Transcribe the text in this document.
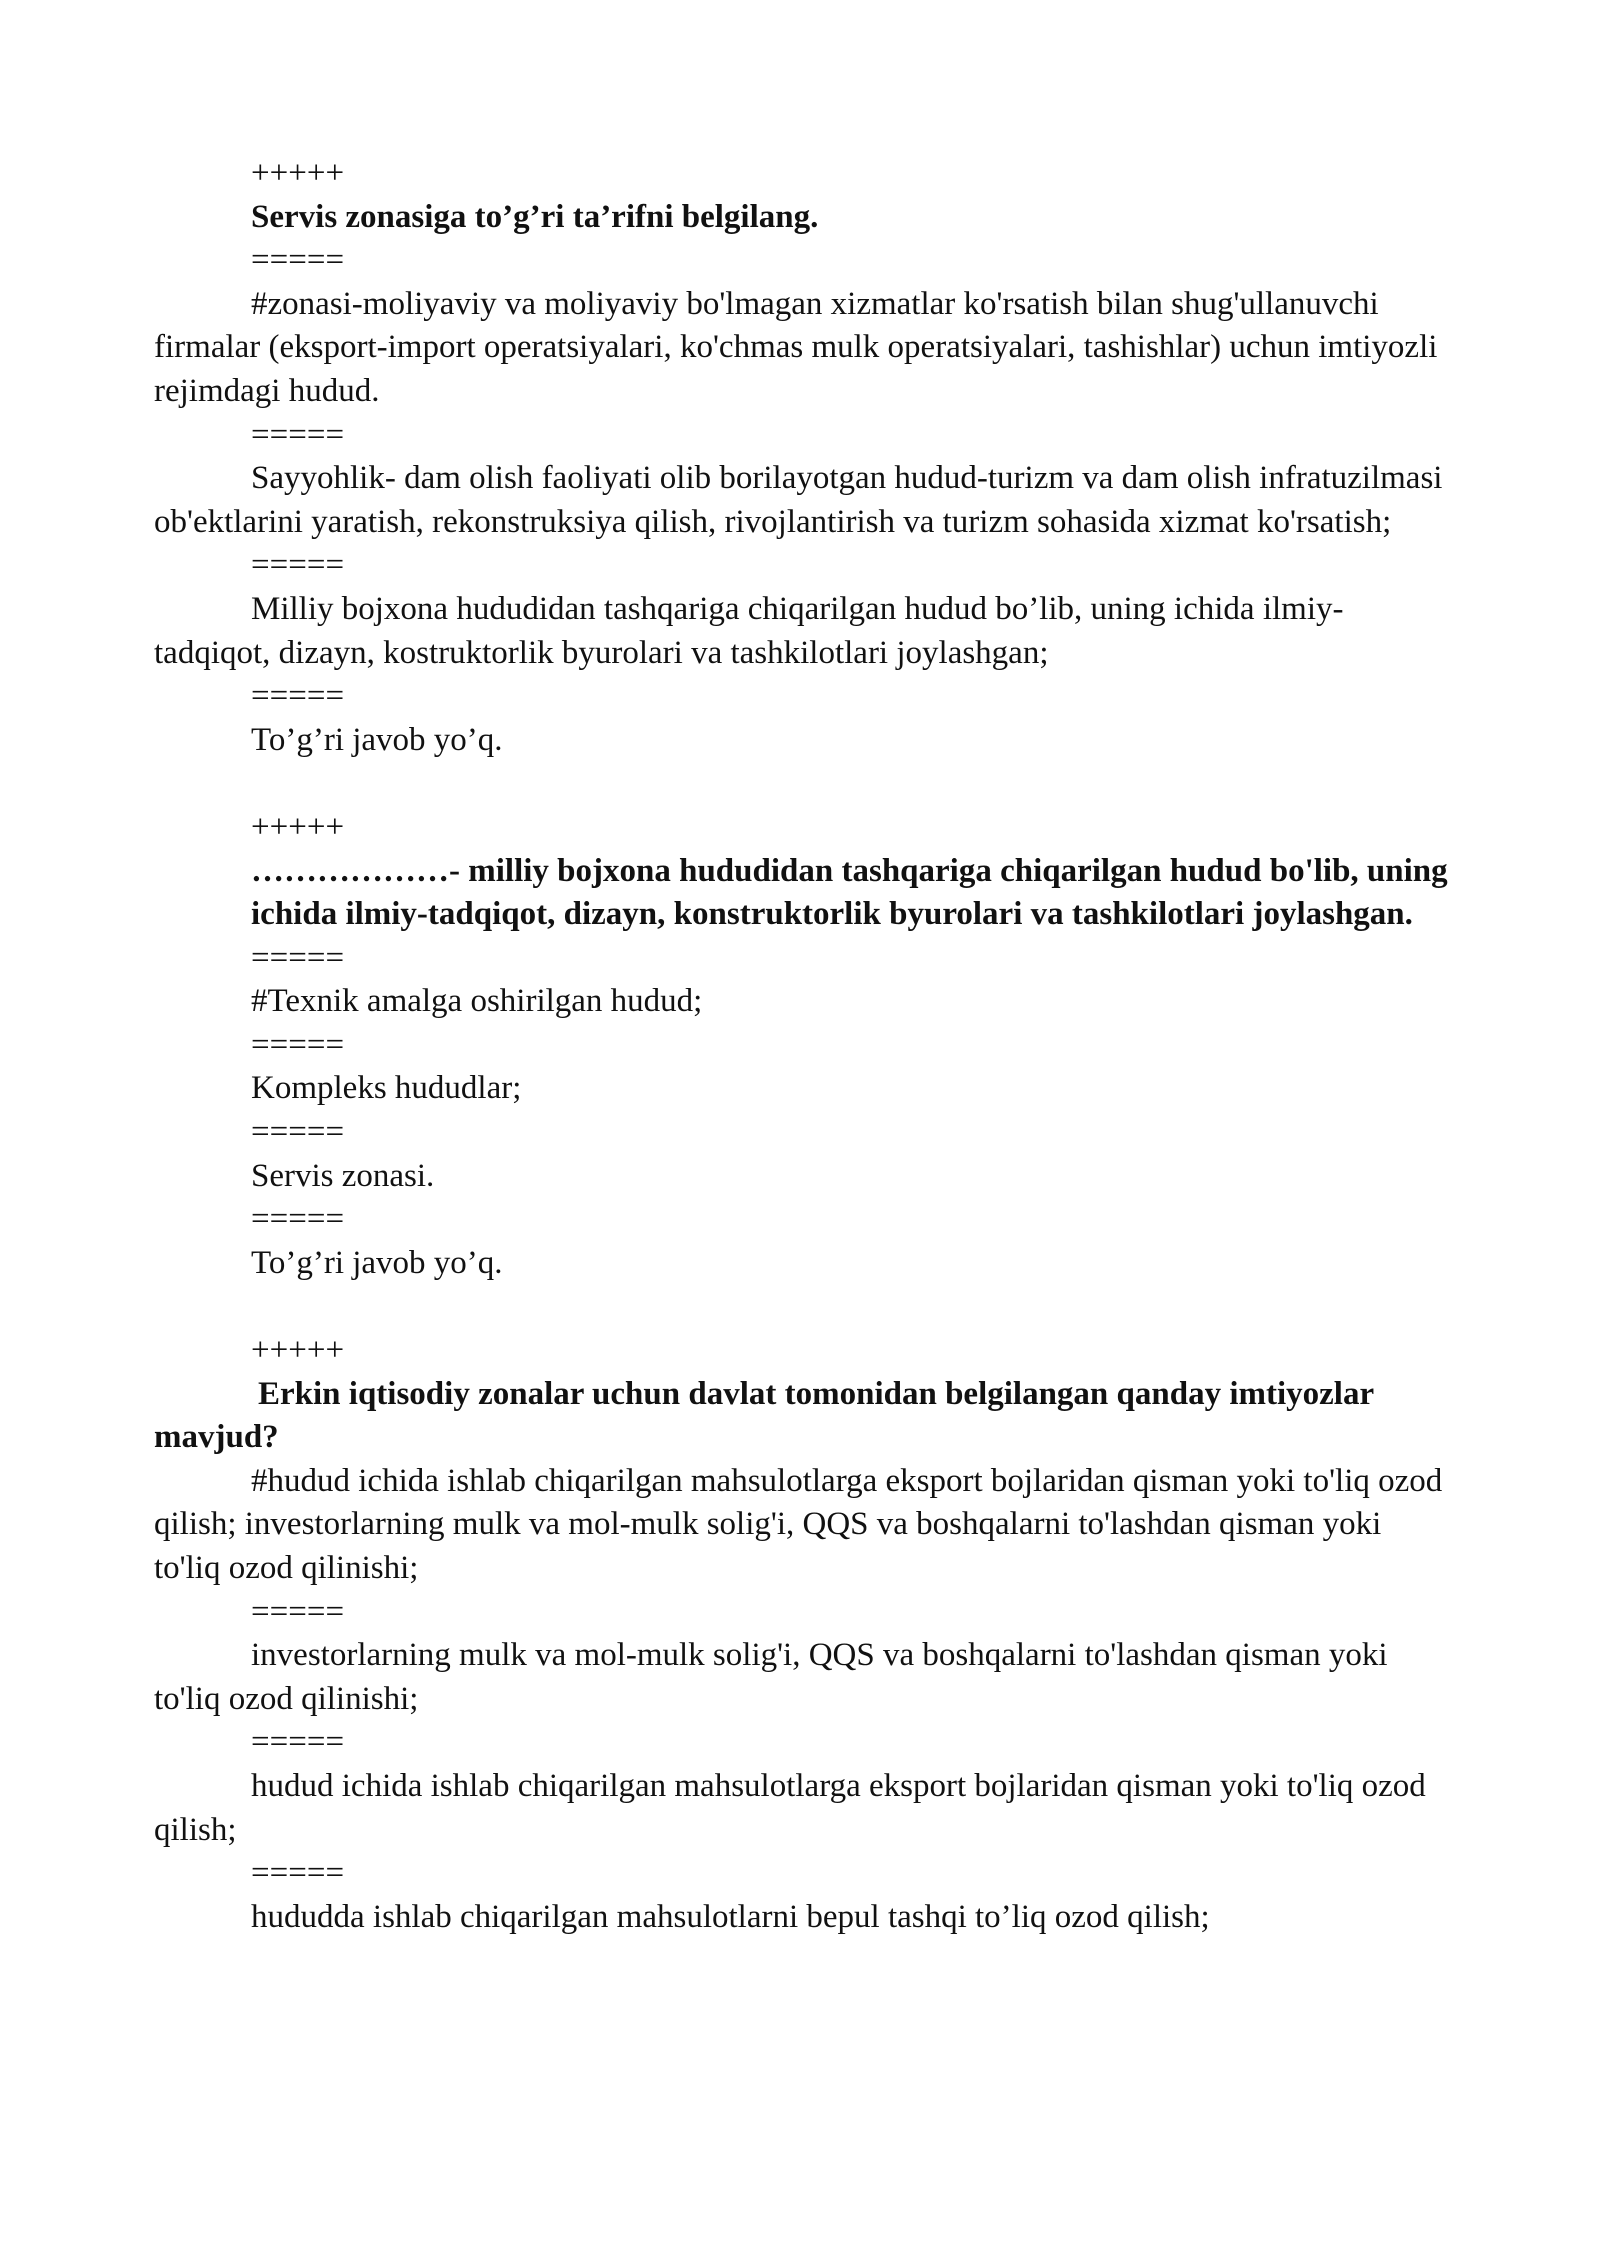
+++++
Servis zonasiga to’g’ri ta’rifni belgilang.
=====
#zonasi-moliyaviy va moliyaviy bo'lmagan xizmatlar ko'rsatish bilan shug'ullanuvchi firmalar (eksport-import operatsiyalari, ko'chmas mulk operatsiyalari, tashishlar) uchun imtiyozli rejimdagi hudud.
=====
Sayyohlik- dam olish faoliyati olib borilayotgan hudud-turizm va dam olish infratuzilmasi ob'ektlarini yaratish, rekonstruksiya qilish, rivojlantirish va turizm sohasida xizmat ko'rsatish;
=====
Milliy bojxona hududidan tashqariga chiqarilgan hudud bo’lib, uning ichida ilmiy- tadqiqot, dizayn, kostruktorlik byurolari va tashkilotlari joylashgan;
=====
To’g’ri javob yo’q.
+++++
………………- milliy bojxona hududidan tashqariga chiqarilgan hudud bo'lib, uning ichida ilmiy-tadqiqot, dizayn, konstruktorlik byurolari va tashkilotlari joylashgan.
=====
#Texnik amalga oshirilgan hudud;
=====
Kompleks hududlar;
=====
Servis zonasi.
=====
To’g’ri javob yo’q.
+++++
Erkin iqtisodiy zonalar uchun davlat tomonidan belgilangan qanday imtiyozlar mavjud?
#hudud ichida ishlab chiqarilgan mahsulotlarga eksport bojlaridan qisman yoki to'liq ozod qilish; investorlarning mulk va mol-mulk solig'i, QQS va boshqalarni to'lashdan qisman yoki to'liq ozod qilinishi;
=====
investorlarning mulk va mol-mulk solig'i, QQS va boshqalarni to'lashdan qisman yoki to'liq ozod qilinishi;
=====
hudud ichida ishlab chiqarilgan mahsulotlarga eksport bojlaridan qisman yoki to'liq ozod qilish;
=====
hududda ishlab chiqarilgan mahsulotlarni bepul tashqi to’liq ozod qilish;
